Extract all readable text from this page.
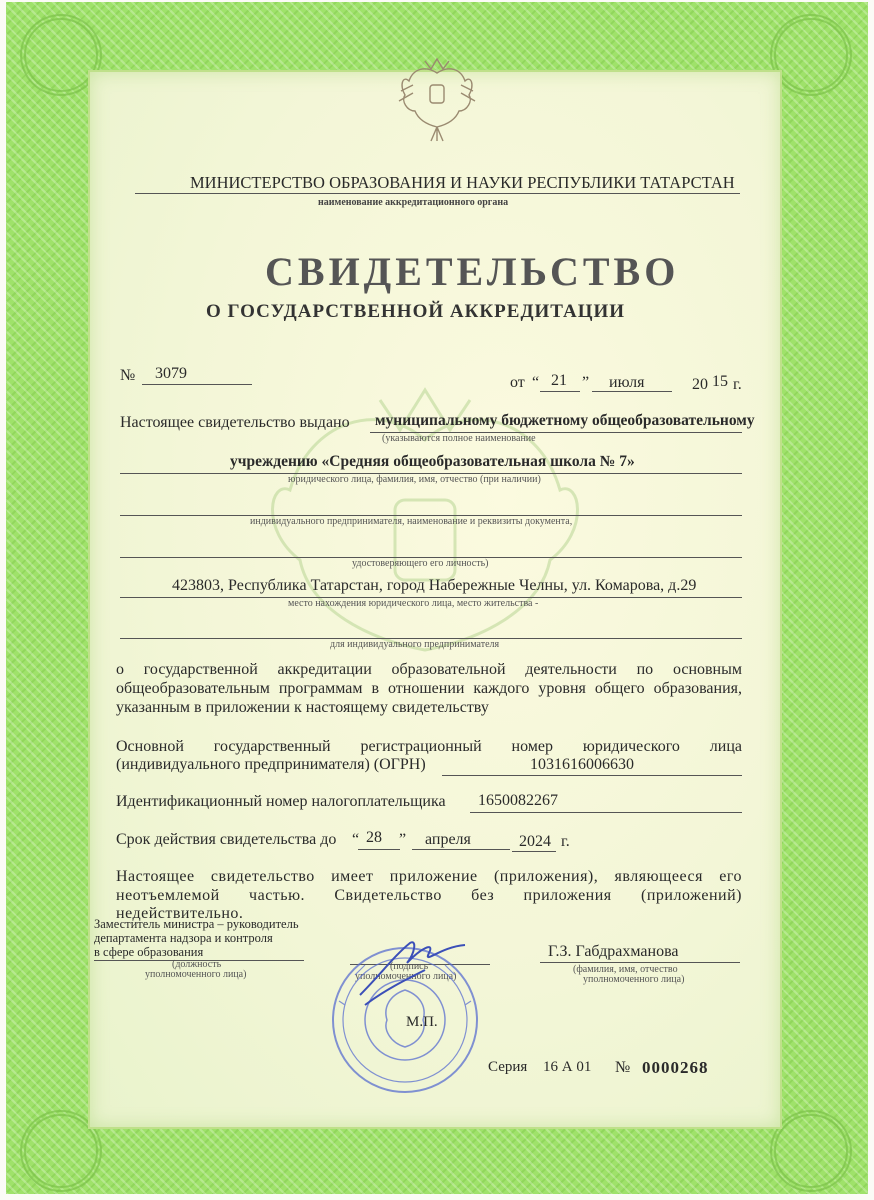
МИНИСТЕРСТВО ОБРАЗОВАНИЯ И НАУКИ РЕСПУБЛИКИ ТАТАРСТАН
наименование аккредитационного органа
СВИДЕТЕЛЬСТВО
О ГОСУДАРСТВЕННОЙ АККРЕДИТАЦИИ
№ 3079
от “ 21 ” июля	20 15 г.
Настоящее свидетельство выдано муниципальному бюджетному общеобразовательному
(указываются полное наименование
учреждению «Средняя общеобразовательная школа № 7»
юридического лица, фамилия, имя, отчество (при наличии)
индивидуального предпринимателя, наименование и реквизиты документа,
удостоверяющего его личность)
423803, Республика Татарстан, город Набережные Челны, ул. Комарова, д.29
место нахождения юридического лица, место жительства -
для индивидуального предпринимателя
о государственной аккредитации образовательной деятельности по основным
общеобразовательным программам в отношении каждого уровня общего образования,
указанным в приложении к настоящему свидетельству
Основной государственный регистрационный номер юридического лица
(индивидуального предпринимателя) (ОГРН)	1031616006630
Идентификационный номер налогоплательщика 1650082267
Срок действия свидетельства до “ 28 ” апреля	2024 г.
Настоящее свидетельство имеет приложение (приложения), являющееся его
неотъемлемой частью. Свидетельство без приложения (приложений)
недействительно.
Заместитель министра – руководитель
департамента надзора и контроля
в сфере образования
(должность
уполномоченного лица)
(подпись
уполномоченного лица)
Г.З. Габдрахманова
(фамилия, имя, отчество
уполномоченного лица)
М.П.
Серия 16 А 01 № 0000268
